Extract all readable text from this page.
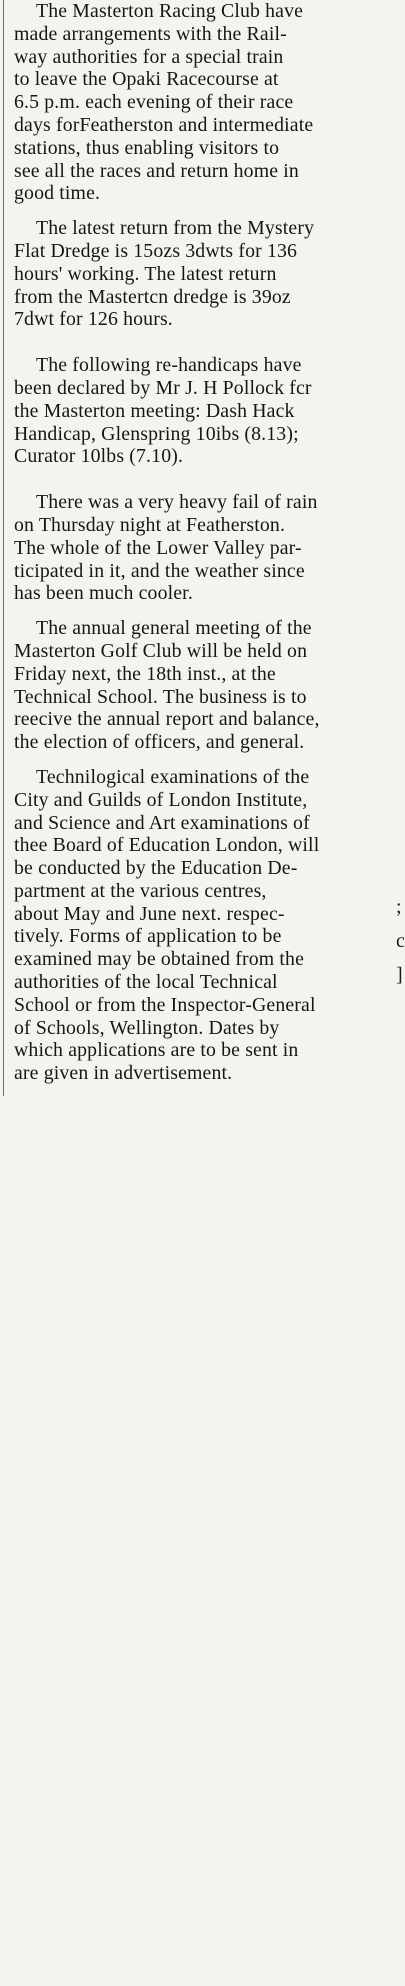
The Masterton Racing Club have
made arrangements with the Rail-
way authorities for a special train
to leave the Opaki Racecourse at
6.5 p.m. each evening of their race
days forFeatherston and intermediate
stations, thus enabling visitors to
see all the races and return home in
good time.
The latest return from the Mystery
Flat Dredge is 15ozs 3dwts for 136
hours' working. The latest return
from the Mastertcn dredge is 39oz
7dwt for 126 hours.
The following re-handicaps have
been declared by Mr J. H Pollock fcr
the Masterton meeting: Dash Hack
Handicap, Glenspring 10ibs (8.13);
Curator 10lbs (7.10).
There was a very heavy fail of rain
on Thursday night at Featherston.
The whole of the Lower Valley par-
ticipated in it, and the weather since
has been much cooler.
The annual general meeting of the
Masterton Golf Club will be held on
Friday next, the 18th inst., at the
Technical School. The business is to
reecive the annual report and balance,
the election of officers, and general.
Technilogical examinations of the
City and Guilds of London Institute,
and Science and Art examinations of
thee Board of Education London, will
be conducted by the Education De-
partment at the various centres,
about May and June next. respec-
tively. Forms of application to be
examined may be obtained from the
authorities of the local Technical
School or from the Inspector-General
of Schools, Wellington. Dates by
which applications are to be sent in
are given in advertisement.
;
c
]
